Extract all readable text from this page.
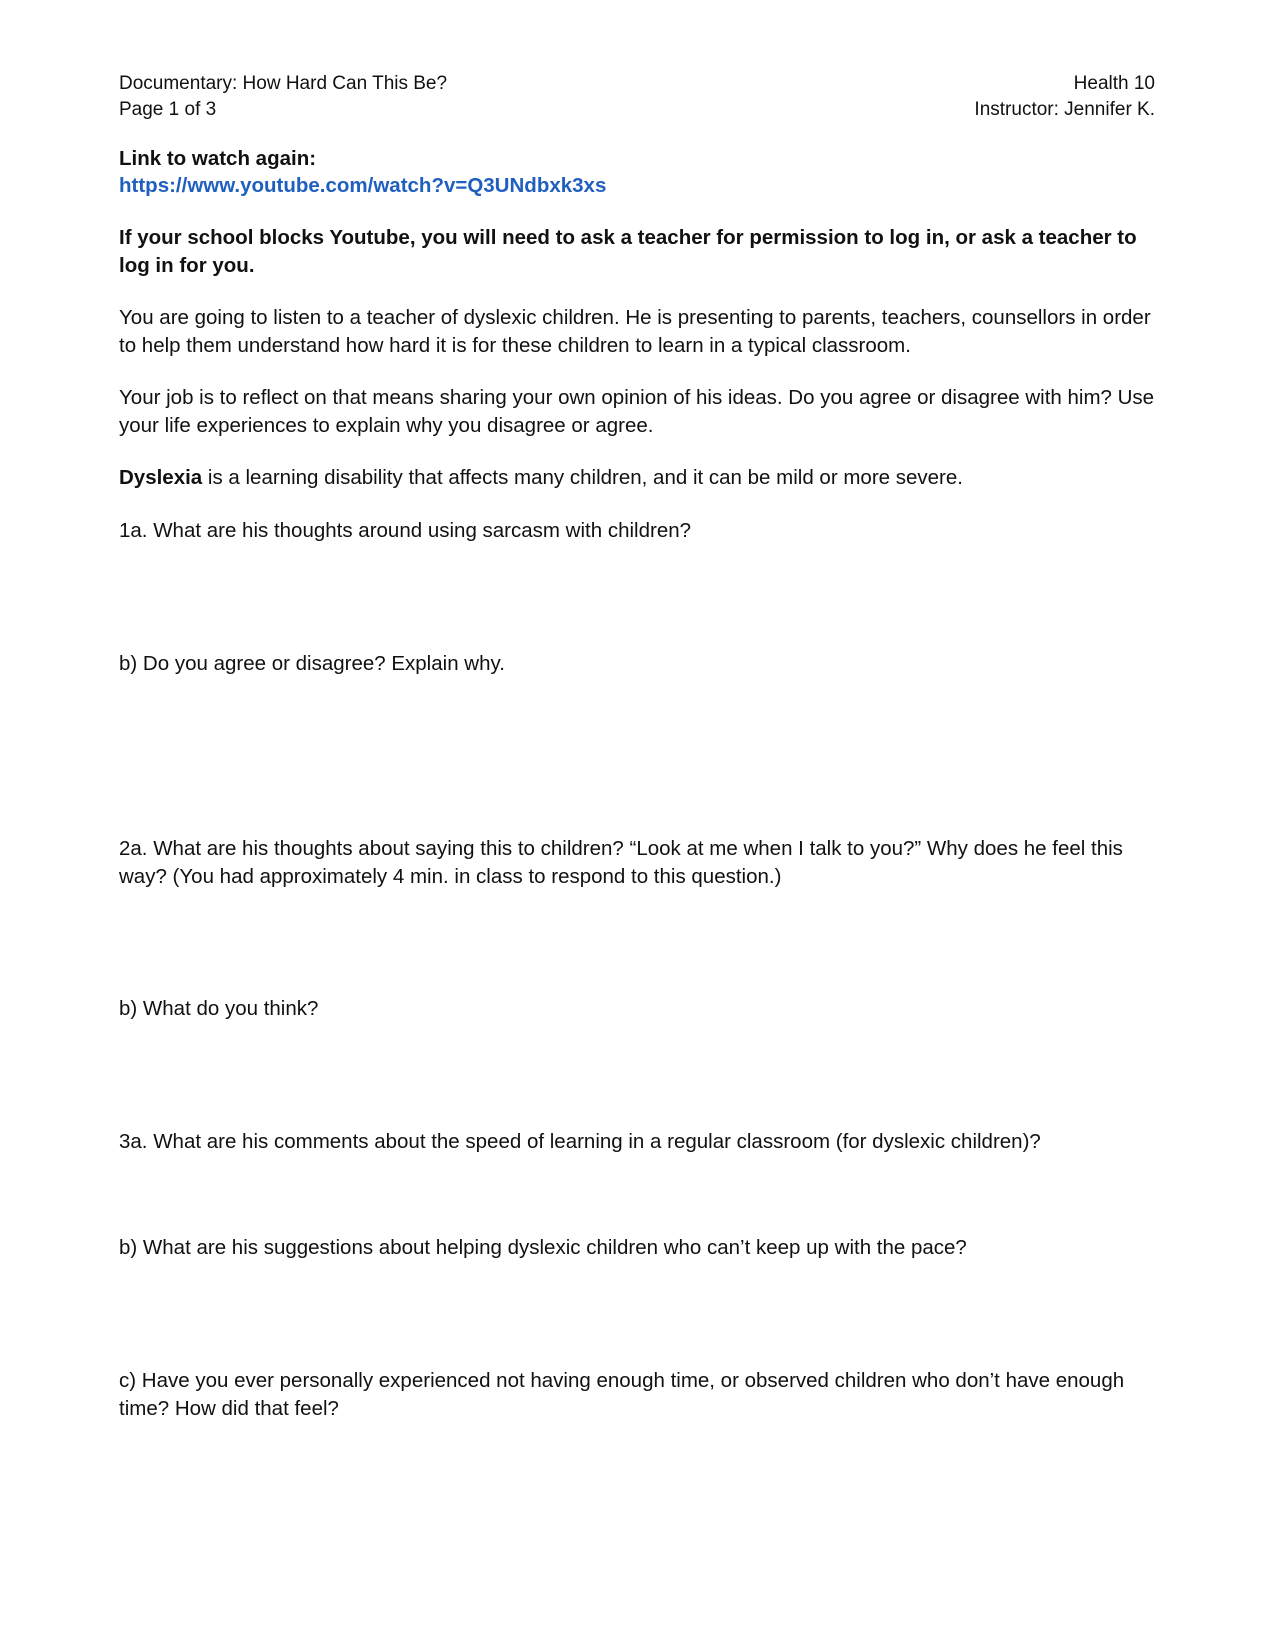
Documentary: How Hard Can This Be?
Page 1 of 3
Health 10
Instructor: Jennifer K.
Link to watch again:
https://www.youtube.com/watch?v=Q3UNdbxk3xs

If your school blocks Youtube, you will need to ask a teacher for permission to log in, or ask a teacher to log in for you.

You are going to listen to a teacher of dyslexic children. He is presenting to parents, teachers, counsellors in order to help them understand how hard it is for these children to learn in a typical classroom.

Your job is to reflect on that means sharing your own opinion of his ideas. Do you agree or disagree with him? Use your life experiences to explain why you disagree or agree.

Dyslexia is a learning disability that affects many children, and it can be mild or more severe.

1a. What are his thoughts around using sarcasm with children?

b) Do you agree or disagree? Explain why.

2a. What are his thoughts about saying this to children? “Look at me when I talk to you?” Why does he feel this way? (You had approximately 4 min. in class to respond to this question.)

b) What do you think?

3a. What are his comments about the speed of learning in a regular classroom (for dyslexic children)?

b) What are his suggestions about helping dyslexic children who can’t keep up with the pace?

c) Have you ever personally experienced not having enough time, or observed children who don’t have enough time? How did that feel?
